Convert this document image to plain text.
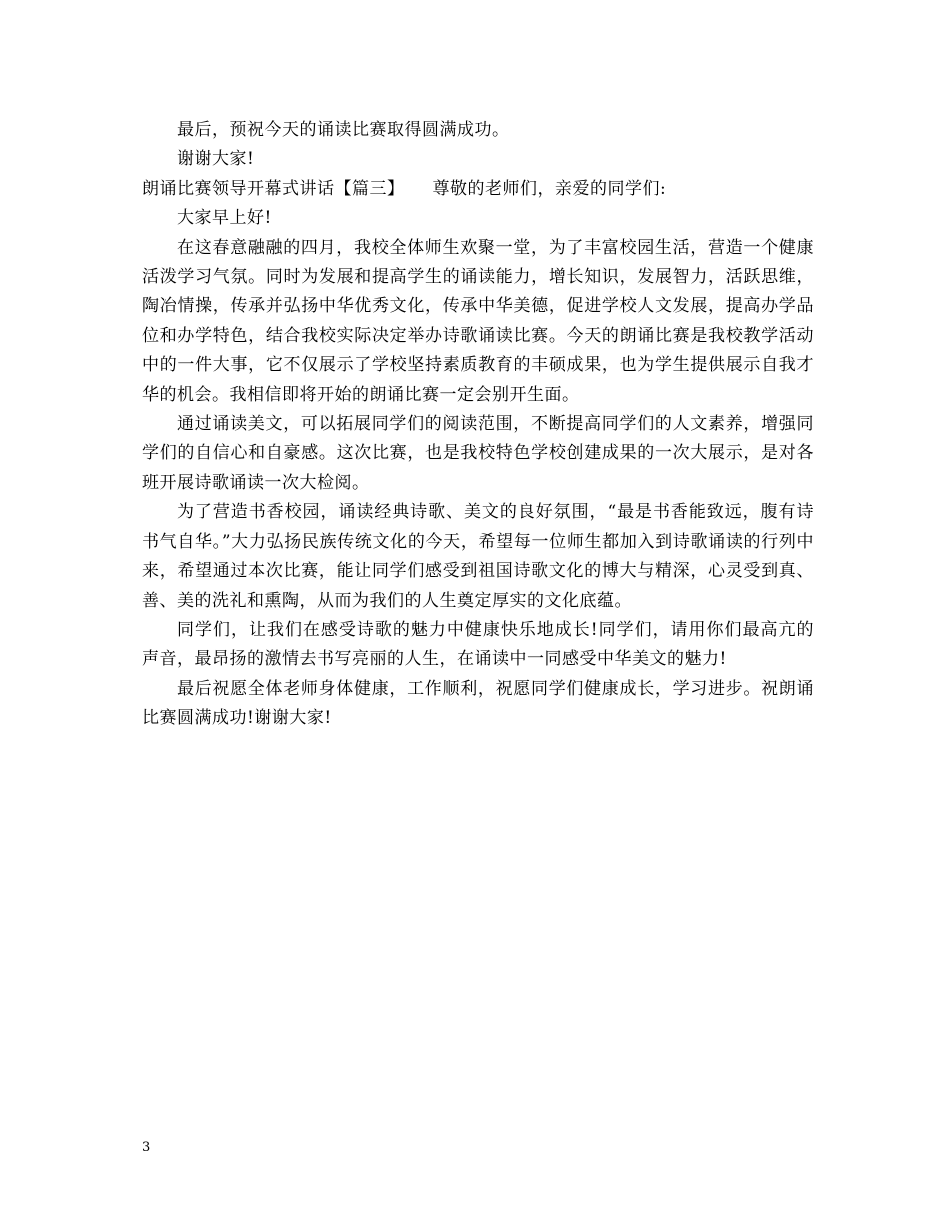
最后，预祝今天的诵读比赛取得圆满成功。

谢谢大家!

朗诵比赛领导开幕式讲话【篇三】 尊敬的老师们，亲爱的同学们:

大家早上好!

在这春意融融的四月，我校全体师生欢聚一堂，为了丰富校园生活，营造一个健康活泼学习气氛。同时为发展和提高学生的诵读能力，增长知识，发展智力，活跃思维，陶冶情操，传承并弘扬中华优秀文化，传承中华美德，促进学校人文发展，提高办学品位和办学特色，结合我校实际决定举办诗歌诵读比赛。今天的朗诵比赛是我校教学活动中的一件大事，它不仅展示了学校坚持素质教育的丰硕成果，也为学生提供展示自我才华的机会。我相信即将开始的朗诵比赛一定会别开生面。

通过诵读美文，可以拓展同学们的阅读范围，不断提高同学们的人文素养，增强同学们的自信心和自豪感。这次比赛，也是我校特色学校创建成果的一次大展示，是对各班开展诗歌诵读一次大检阅。

为了营造书香校园，诵读经典诗歌、美文的良好氛围，“最是书香能致远，腹有诗书气自华。”大力弘扬民族传统文化的今天，希望每一位师生都加入到诗歌诵读的行列中来，希望通过本次比赛，能让同学们感受到祖国诗歌文化的博大与精深，心灵受到真、善、美的洗礼和熏陶，从而为我们的人生奠定厚实的文化底蕴。

同学们，让我们在感受诗歌的魅力中健康快乐地成长!同学们，请用你们最高亢的声音，最昂扬的激情去书写亮丽的人生，在诵读中一同感受中华美文的魅力!

最后祝愿全体老师身体健康，工作顺利，祝愿同学们健康成长，学习进步。祝朗诵比赛圆满成功!谢谢大家!

3
